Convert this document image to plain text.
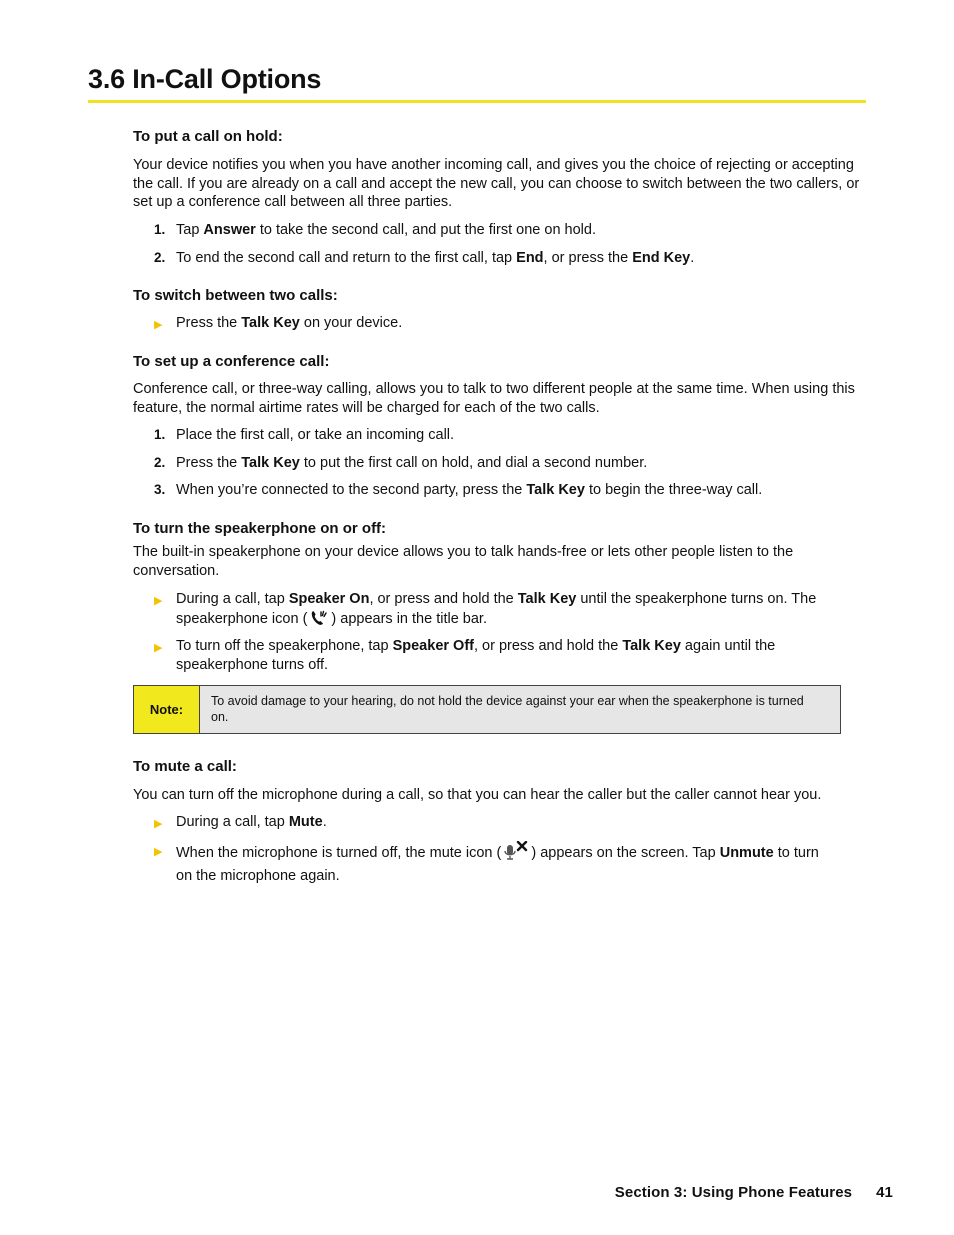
3.6 In-Call Options
To put a call on hold:
Your device notifies you when you have another incoming call, and gives you the choice of rejecting or accepting the call. If you are already on a call and accept the new call, you can choose to switch between the two callers, or set up a conference call between all three parties.
1. Tap Answer to take the second call, and put the first one on hold.
2. To end the second call and return to the first call, tap End, or press the End Key.
To switch between two calls:
▶ Press the Talk Key on your device.
To set up a conference call:
Conference call, or three-way calling, allows you to talk to two different people at the same time. When using this feature, the normal airtime rates will be charged for each of the two calls.
1. Place the first call, or take an incoming call.
2. Press the Talk Key to put the first call on hold, and dial a second number.
3. When you’re connected to the second party, press the Talk Key to begin the three-way call.
To turn the speakerphone on or off:
The built-in speakerphone on your device allows you to talk hands-free or lets other people listen to the conversation.
▶ During a call, tap Speaker On, or press and hold the Talk Key until the speakerphone turns on. The speakerphone icon ( ) appears in the title bar.
▶ To turn off the speakerphone, tap Speaker Off, or press and hold the Talk Key again until the speakerphone turns off.
Note:
To avoid damage to your hearing, do not hold the device against your ear when the speakerphone is turned on.
To mute a call:
You can turn off the microphone during a call, so that you can hear the caller but the caller cannot hear you.
▶ During a call, tap Mute.
▶ When the microphone is turned off, the mute icon ( ) appears on the screen. Tap Unmute to turn on the microphone again.
Section 3: Using Phone Features 41
